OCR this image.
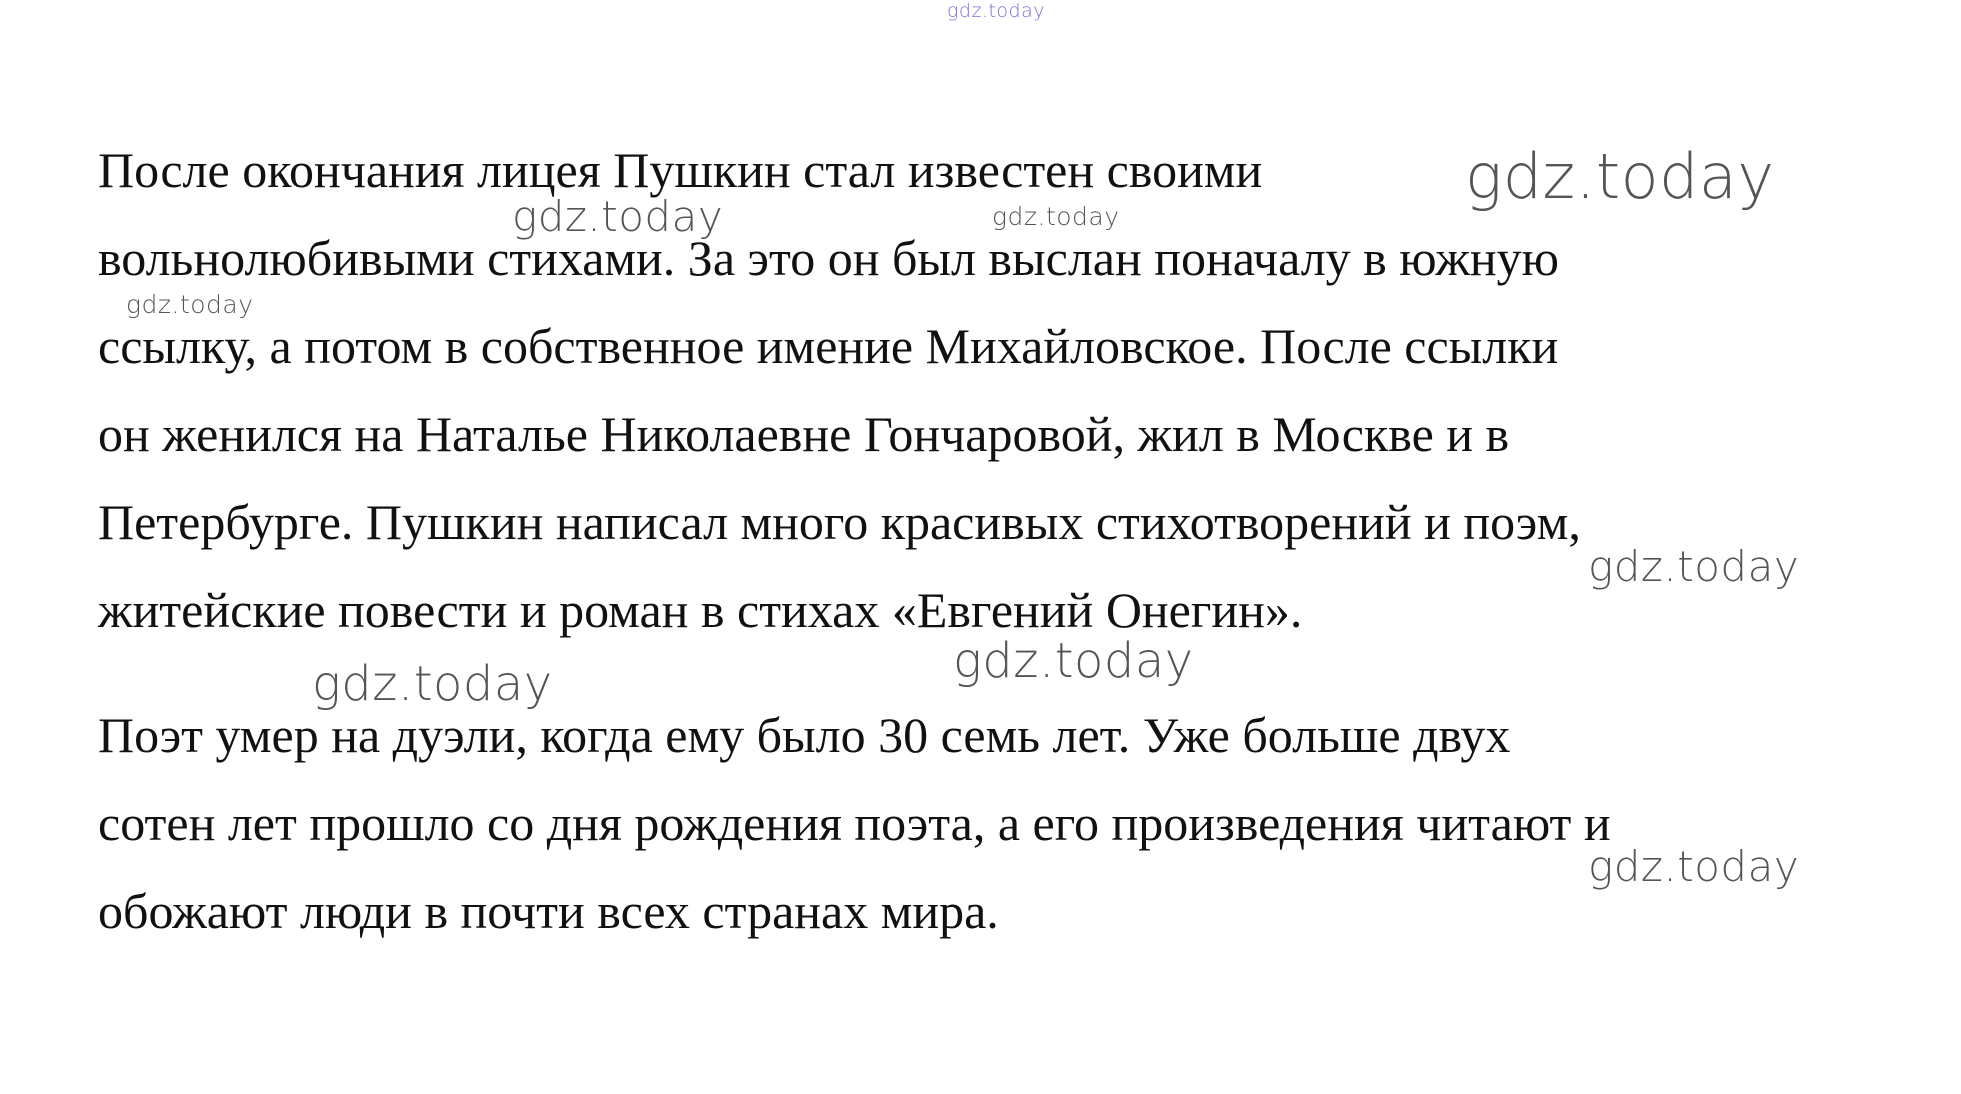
gdz.today
После окончания лицея Пушкин стал известен своими
вольнолюбивыми стихами. За это он был выслан поначалу в южную
ссылку, а потом в собственное имение Михайловское. После ссылки
он женился на Наталье Николаевне Гончаровой, жил в Москве и в
Петербурге. Пушкин написал много красивых стихотворений и поэм,
житейские повести и роман в стихах «Евгений Онегин».
Поэт умер на дуэли, когда ему было 30 семь лет. Уже больше двух
сотен лет прошло со дня рождения поэта, а его произведения читают и
обожают люди в почти всех странах мира.
gdz.today
gdz.today	gdz.today
gdz.today
gdz.today
gdz.today
gdz.today
gdz.today
